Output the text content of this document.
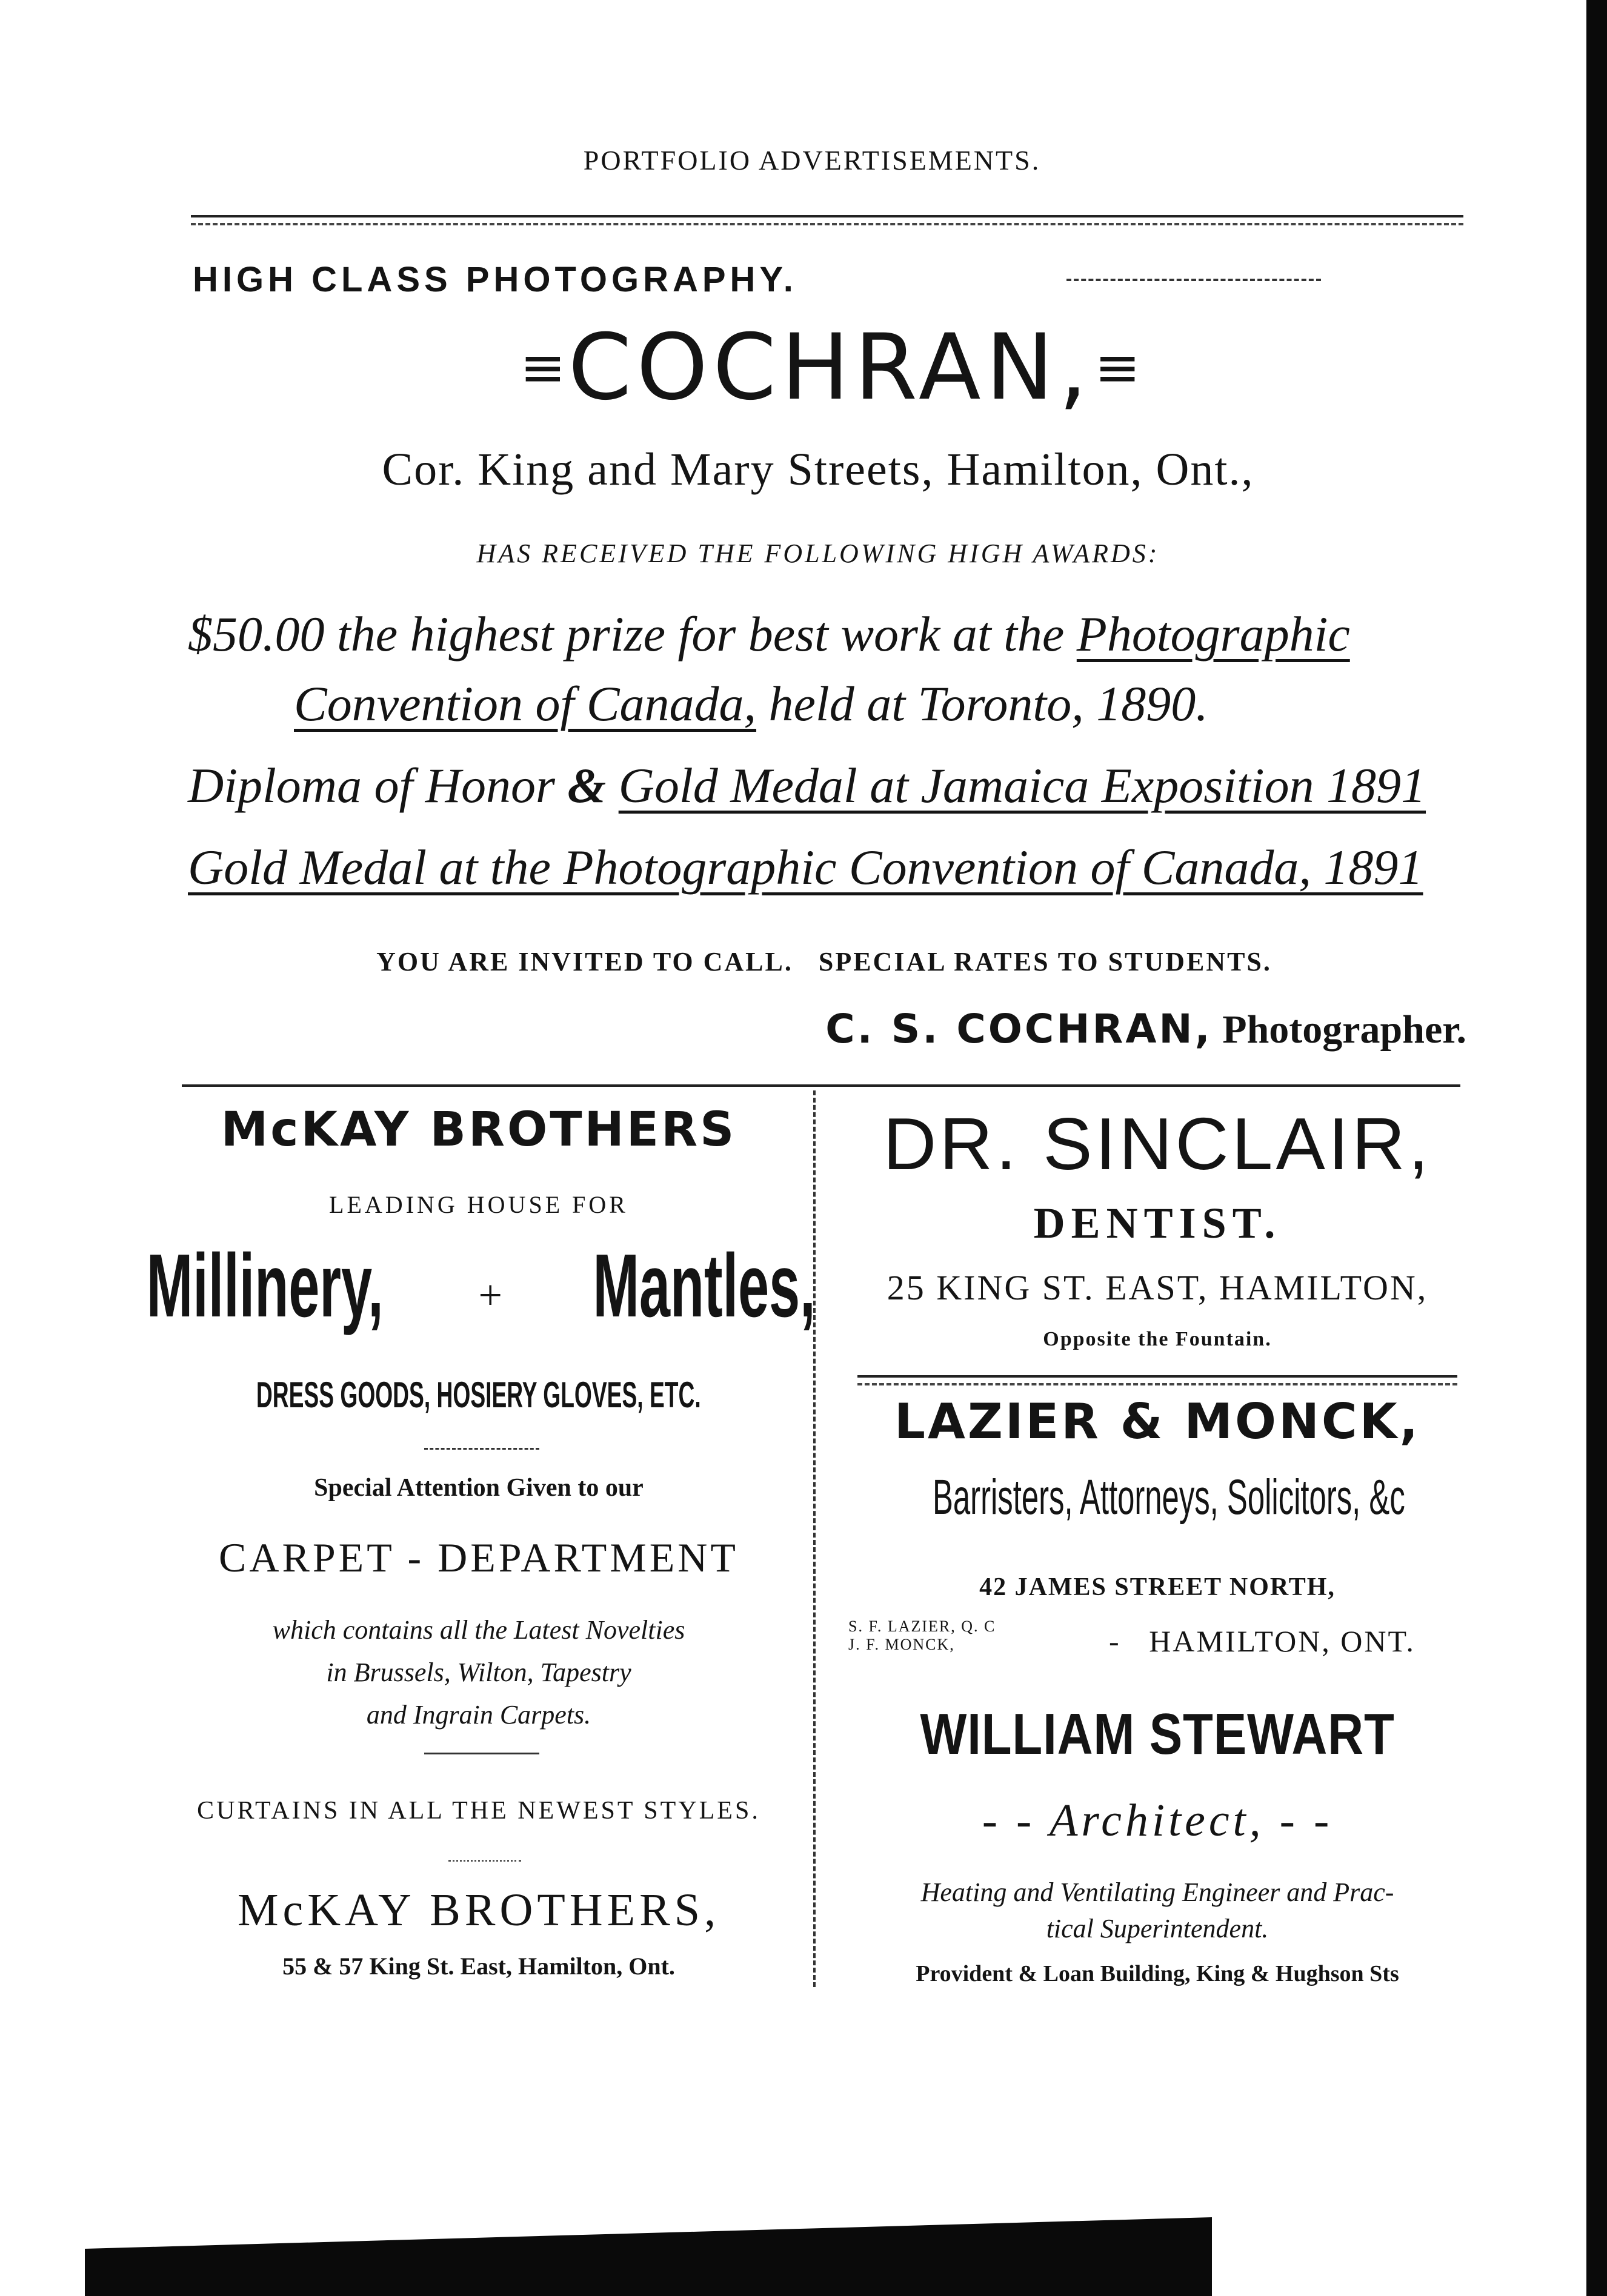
PORTFOLIO ADVERTISEMENTS.
HIGH CLASS PHOTOGRAPHY.
≡ COCHRAN, ≡
Cor. King and Mary Streets, Hamilton, Ont.,
HAS RECEIVED THE FOLLOWING HIGH AWARDS:
$50.00 the highest prize for best work at the Photographic
Convention of Canada, held at Toronto, 1890.
Diploma of Honor & Gold Medal at Jamaica Exposition 1891
Gold Medal at the Photographic Convention of Canada, 1891
YOU ARE INVITED TO CALL.   SPECIAL RATES TO STUDENTS.
C. S. COCHRAN, Photographer.
McKAY BROTHERS
LEADING HOUSE FOR
Millinery, + Mantles,
DRESS GOODS, HOSIERY GLOVES, ETC.
Special Attention Given to our
CARPET - DEPARTMENT
which contains all the Latest Novelties
in Brussels, Wilton, Tapestry
and Ingrain Carpets.
CURTAINS IN ALL THE NEWEST STYLES.
McKAY BROTHERS,
55 & 57 King St. East, Hamilton, Ont.
DR. SINCLAIR,
DENTIST.
25 KING ST. EAST, HAMILTON,
Opposite the Fountain.
LAZIER & MONCK,
Barristers, Attorneys, Solicitors, &c
42 JAMES STREET NORTH,
S. F. LAZIER, Q. C
J. F. MONCK,	-   HAMILTON, ONT.
WILLIAM STEWART
- - Architect, - -
Heating and Ventilating Engineer and Prac-
tical Superintendent.
Provident & Loan Building, King & Hughson Sts
